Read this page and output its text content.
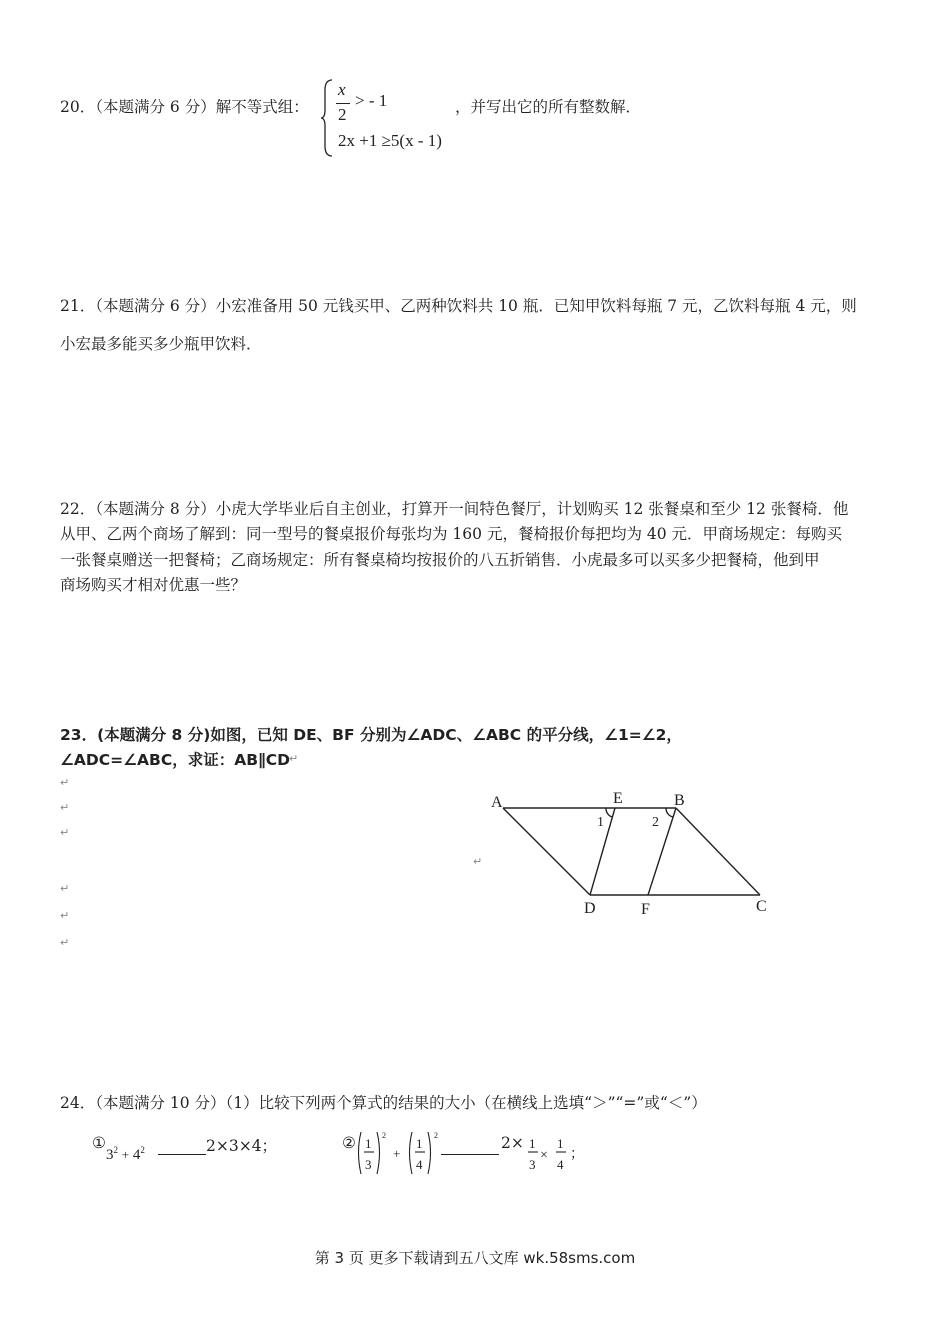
20．（本题满分 6 分）解不等式组：
x
2
> - 1
2x +1 ≥5(x - 1)
，并写出它的所有整数解．
21．（本题满分 6 分）小宏准备用 50 元钱买甲、乙两种饮料共 10 瓶．已知甲饮料每瓶 7 元，乙饮料每瓶 4 元，则
小宏最多能买多少瓶甲饮料．
22．（本题满分 8 分）小虎大学毕业后自主创业，打算开一间特色餐厅，计划购买 12 张餐桌和至少 12 张餐椅．他
从甲、乙两个商场了解到：同一型号的餐桌报价每张均为 160 元，餐椅报价每把均为 40 元．甲商场规定：每购买
一张餐桌赠送一把餐椅；乙商场规定：所有餐桌椅均按报价的八五折销售．小虎最多可以买多少把餐椅，他到甲
商场购买才相对优惠一些？
23．(本题满分 8 分)如图，已知 DE、BF 分别为∠ADC、∠ABC 的平分线，∠1=∠2，
∠ADC=∠ABC，求证：AB∥CD
↵
↵
↵
↵
↵
↵
↵
↵
A	E	B
1	2
D	F	C
24．（本题满分 10 分）（1）比较下列两个算式的结果的大小（在横线上选填“＞”“=”或“＜”）
①
$3^2 + 4^2$	2×3×4；	② 1
3
2
+
1
4
2	2× 1
3
×
1
4
；
第 3 页 更多下载请到五八文库 wk.58sms.com
